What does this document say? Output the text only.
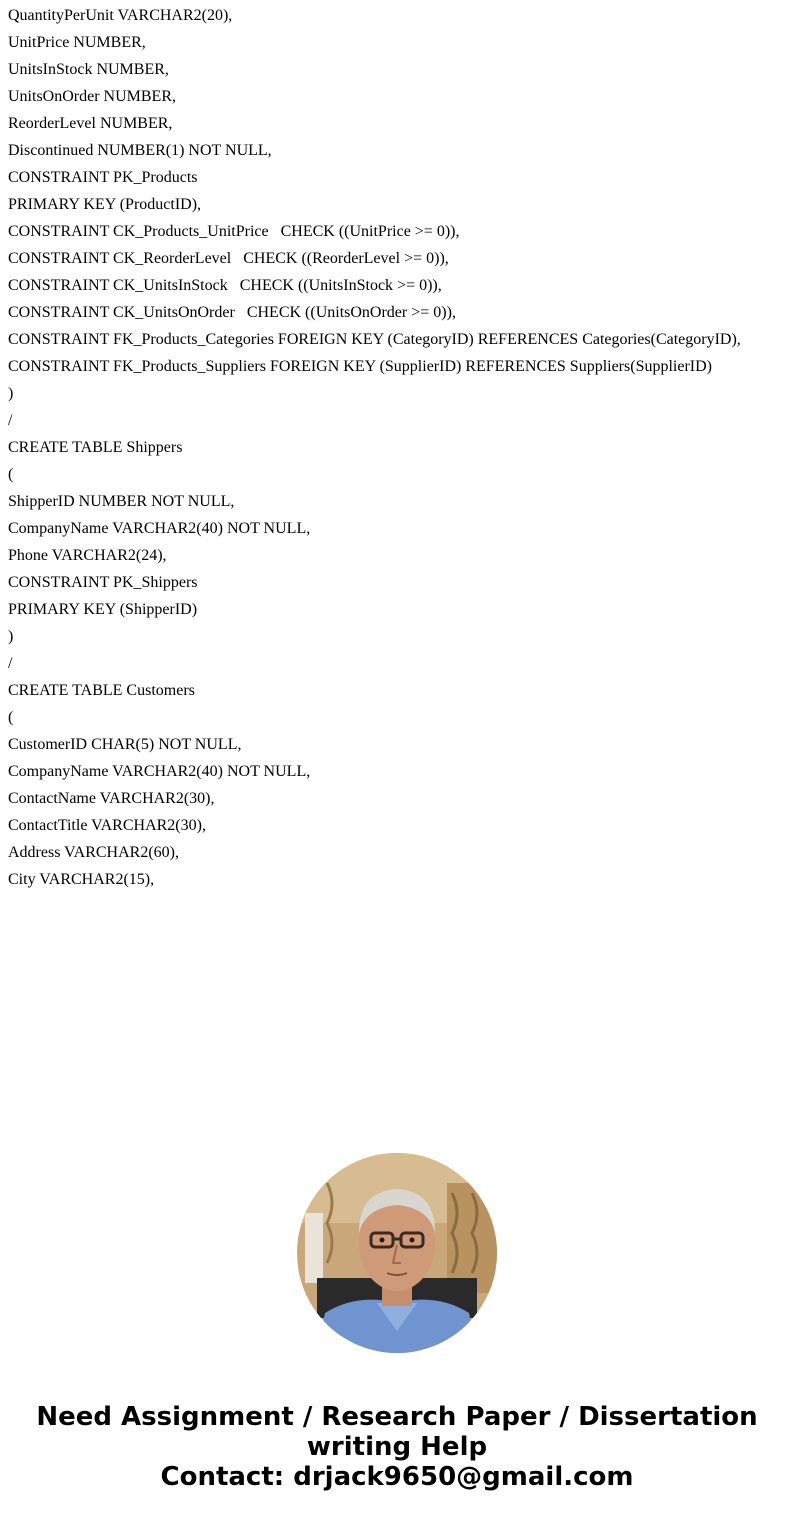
QuantityPerUnit VARCHAR2(20),
UnitPrice NUMBER,
UnitsInStock NUMBER,
UnitsOnOrder NUMBER,
ReorderLevel NUMBER,
Discontinued NUMBER(1) NOT NULL,
CONSTRAINT PK_Products
PRIMARY KEY (ProductID),
CONSTRAINT CK_Products_UnitPrice   CHECK ((UnitPrice >= 0)),
CONSTRAINT CK_ReorderLevel   CHECK ((ReorderLevel >= 0)),
CONSTRAINT CK_UnitsInStock   CHECK ((UnitsInStock >= 0)),
CONSTRAINT CK_UnitsOnOrder   CHECK ((UnitsOnOrder >= 0)),
CONSTRAINT FK_Products_Categories FOREIGN KEY (CategoryID) REFERENCES Categories(CategoryID),
CONSTRAINT FK_Products_Suppliers FOREIGN KEY (SupplierID) REFERENCES Suppliers(SupplierID)
)
/
CREATE TABLE Shippers
(
ShipperID NUMBER NOT NULL,
CompanyName VARCHAR2(40) NOT NULL,
Phone VARCHAR2(24),
CONSTRAINT PK_Shippers
PRIMARY KEY (ShipperID)
)
/
CREATE TABLE Customers
(
CustomerID CHAR(5) NOT NULL,
CompanyName VARCHAR2(40) NOT NULL,
ContactName VARCHAR2(30),
ContactTitle VARCHAR2(30),
Address VARCHAR2(60),
City VARCHAR2(15),
Need Assignment / Research Paper / Dissertation
writing Help
Contact: drjack9650@gmail.com
